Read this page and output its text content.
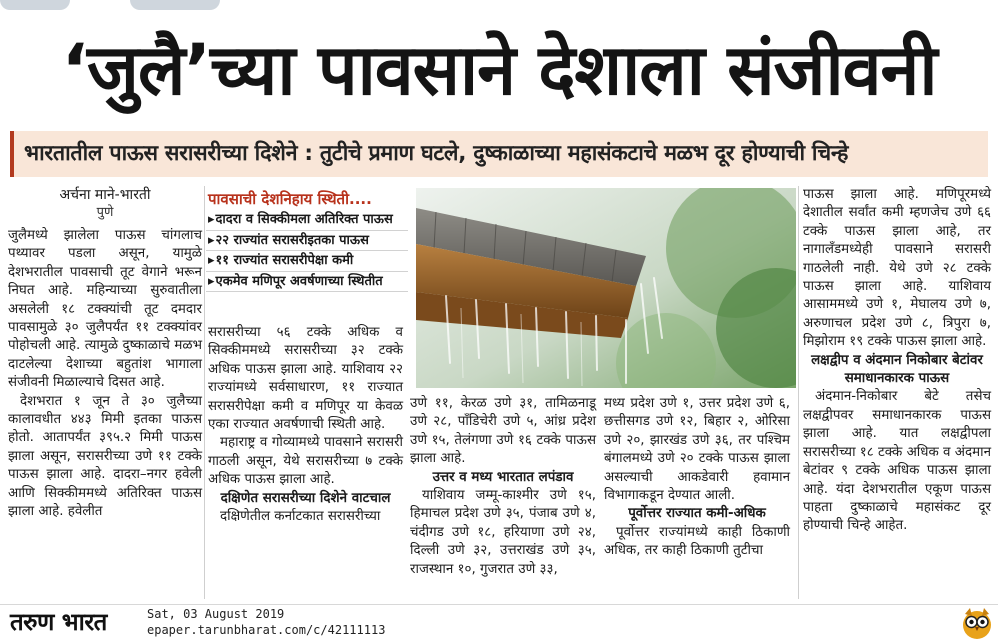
‘जुलै’च्या पावसाने देशाला संजीवनी
भारतातील पाऊस सरासरीच्या दिशेने : तुटीचे प्रमाण घटले, दुष्काळाच्या महासंकटाचे मळभ दूर होण्याची चिन्हे
अर्चना माने-भारती
पुणे

जुलैमध्ये झालेला पाऊस चांगलाच पथ्यावर पडला असून, यामुळे देशभरातील पावसाची तूट वेगाने भरून निघत आहे. महिन्याच्या सुरुवातीला असलेली १८ टक्क्यांची तूट दमदार पावसामुळे ३० जुलैपर्यंत ११ टक्क्यांवर पोहोचली आहे. त्यामुळे दुष्काळाचे मळभ दाटलेल्या देशाच्या बहुतांश भागाला संजीवनी मिळाल्याचे दिसत आहे.

देशभरात १ जून ते ३० जुलैच्या कालावधीत ४४३ मिमी इतका पाऊस होतो. आतापर्यंत ३९५.२ मिमी पाऊस झाला असून, सरासरीच्या उणे ११ टक्के पाऊस झाला आहे. दादरा–नगर हवेली आणि सिक्कीममध्ये अतिरिक्त पाऊस झाला आहे. हवेलीत

पावसाची देशनिहाय स्थिती....
▸ दादरा व सिक्कीमला अतिरिक्त पाऊस
▸ २२ राज्यांत सरासरीइतका पाऊस
▸ ११ राज्यांत सरासरीपेक्षा कमी
▸ एकमेव मणिपूर अवर्षणाच्या स्थितीत

सरासरीच्या ५६ टक्के अधिक व सिक्कीममध्ये सरासरीच्या ३२ टक्के अधिक पाऊस झाला आहे. याशिवाय २२ राज्यांमध्ये सर्वसाधारण, ११ राज्यात सरासरीपेक्षा कमी व मणिपूर या केवळ एका राज्यात अवर्षणाची स्थिती आहे.

महाराष्ट्र व गोव्यामध्ये पावसाने सरासरी गाठली असून, येथे सरासरीच्या ७ टक्के अधिक पाऊस झाला आहे.

दक्षिणेत सरासरीच्या दिशेने वाटचाल

दक्षिणेतील कर्नाटकात सरासरीच्या

उणे ११, केरळ उणे ३१, तामिळनाडू उणे २८, पाँडिचेरी उणे ५, आंध्र प्रदेश उणे १५, तेलंगणा उणे १६ टक्के पाऊस झाला आहे.

उत्तर व मध्य भारतात लपंडाव

याशिवाय जम्मू-काश्मीर उणे १५, हिमाचल प्रदेश उणे ३५, पंजाब उणे ४, चंदीगड उणे १८, हरियाणा उणे २४, दिल्ली उणे ३२, उत्तराखंड उणे ३५, राजस्थान १०, गुजरात उणे ३३,

मध्य प्रदेश उणे १, उत्तर प्रदेश उणे ६, छत्तीसगड उणे १२, बिहार २, ओरिसा उणे २०, झारखंड उणे ३६, तर पश्चिम बंगालमध्ये उणे २० टक्के पाऊस झाला असल्याची आकडेवारी हवामान विभागाकडून देण्यात आली.

पूर्वोत्तर राज्यात कमी-अधिक

पूर्वोत्तर राज्यांमध्ये काही ठिकाणी अधिक, तर काही ठिकाणी तुटीचा

पाऊस झाला आहे. मणिपूरमध्ये देशातील सर्वांत कमी म्हणजेच उणे ६६ टक्के पाऊस झाला आहे, तर नागालँडमध्येही पावसाने सरासरी गाठलेली नाही. येथे उणे २८ टक्के पाऊस झाला आहे. याशिवाय आसाममध्ये उणे १, मेघालय उणे ७, अरुणाचल प्रदेश उणे ८, त्रिपुरा ७, मिझोराम १९ टक्के पाऊस झाला आहे.

लक्षद्वीप व अंदमान निकोबार बेटांवर समाधानकारक पाऊस

अंदमान-निकोबार बेटे तसेच लक्षद्वीपवर समाधानकारक पाऊस झाला आहे. यात लक्षद्वीपला सरासरीच्या १८ टक्के अधिक व अंदमान बेटांवर ९ टक्के अधिक पाऊस झाला आहे. यंदा देशभरातील एकूण पाऊस पाहता दुष्काळाचे महासंकट दूर होण्याची चिन्हे आहेत.

तरुण भारत	Sat, 03 August 2019
epaper.tarunbharat.com/c/42111113
